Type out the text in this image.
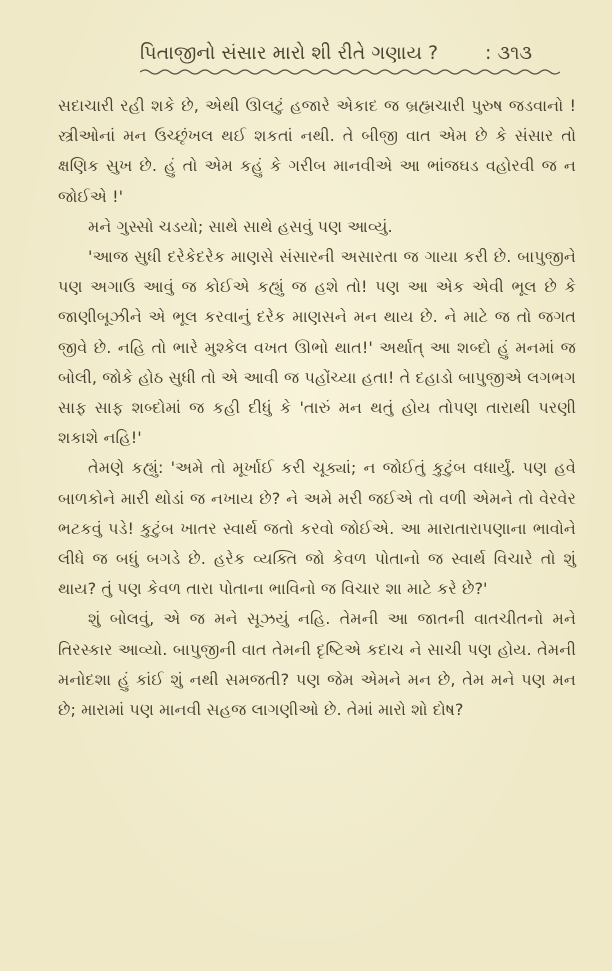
પિતાજીનો સંસાર મારો શી રીતે ગણાય ? : ૩૧૩

સદાચારી રહી શકે છે, એથી ઊલટું હજારે એકાદ જ બ્રહ્મચારી પુરુષ જડવાનો ! સ્ત્રીઓનાં મન ઉચ્છૃંખલ થઈ શકતાં નથી. તે બીજી વાત એમ છે કે સંસાર તો ક્ષણિક સુખ છે. હું તો એમ કહું કે ગરીબ માનવીએ આ ભાંજઘડ વહોરવી જ ન જોઈએ !'

મને ગુસ્સો ચડયો; સાથે સાથે હસવું પણ આવ્યું.

'આજ સુધી દરેકેદરેક માણસે સંસારની અસારતા જ ગાયા કરી છે. બાપુજીને પણ અગાઉ આવું જ કોઈએ કહ્યું જ હશે તો! પણ આ એક એવી ભૂલ છે કે જાણીબૂઝીને એ ભૂલ કરવાનું દરેક માણસને મન થાય છે. ને માટે જ તો જગત જીવે છે. નહિ તો ભારે મુશ્કેલ વખત ઊભો થાત!' અર્થાત્ આ શબ્દો હું મનમાં જ બોલી, જોકે હોઠ સુધી તો એ આવી જ પહોંચ્યા હતા! તે દહાડો બાપુજીએ લગભગ સાફ સાફ શબ્દોમાં જ કહી દીધું કે 'તારું મન થતું હોય તોપણ તારાથી પરણી શકાશે નહિ!'

તેમણે કહ્યું: 'અમે તો મૂર્ખાઈ કરી ચૂક્યાં; ન જોઈતું કુટુંબ વધાર્યું. પણ હવે બાળકોને મારી થોડાં જ નખાય છે? ને અમે મરી જઈએ તો વળી એમને તો વેરવેર ભટકવું પડે! કુટુંબ ખાતર સ્વાર્થ જતો કરવો જોઈએ. આ મારાતારાપણાના ભાવોને લીધે જ બધું બગડે છે. હરેક વ્યક્તિ જો કેવળ પોતાનો જ સ્વાર્થ વિચારે તો શું થાય? તું પણ કેવળ તારા પોતાના ભાવિનો જ વિચાર શા માટે કરે છે?'

શું બોલવું, એ જ મને સૂઝયું નહિ. તેમની આ જાતની વાતચીતનો મને તિરસ્કાર આવ્યો. બાપુજીની વાત તેમની દૃષ્ટિએ કદાચ ને સાચી પણ હોય. તેમની મનોદશા હું કાંઈ શું નથી સમજતી? પણ જેમ એમને મન છે, તેમ મને પણ મન છે; મારામાં પણ માનવી સહજ લાગણીઓ છે. તેમાં મારો શો દોષ?
